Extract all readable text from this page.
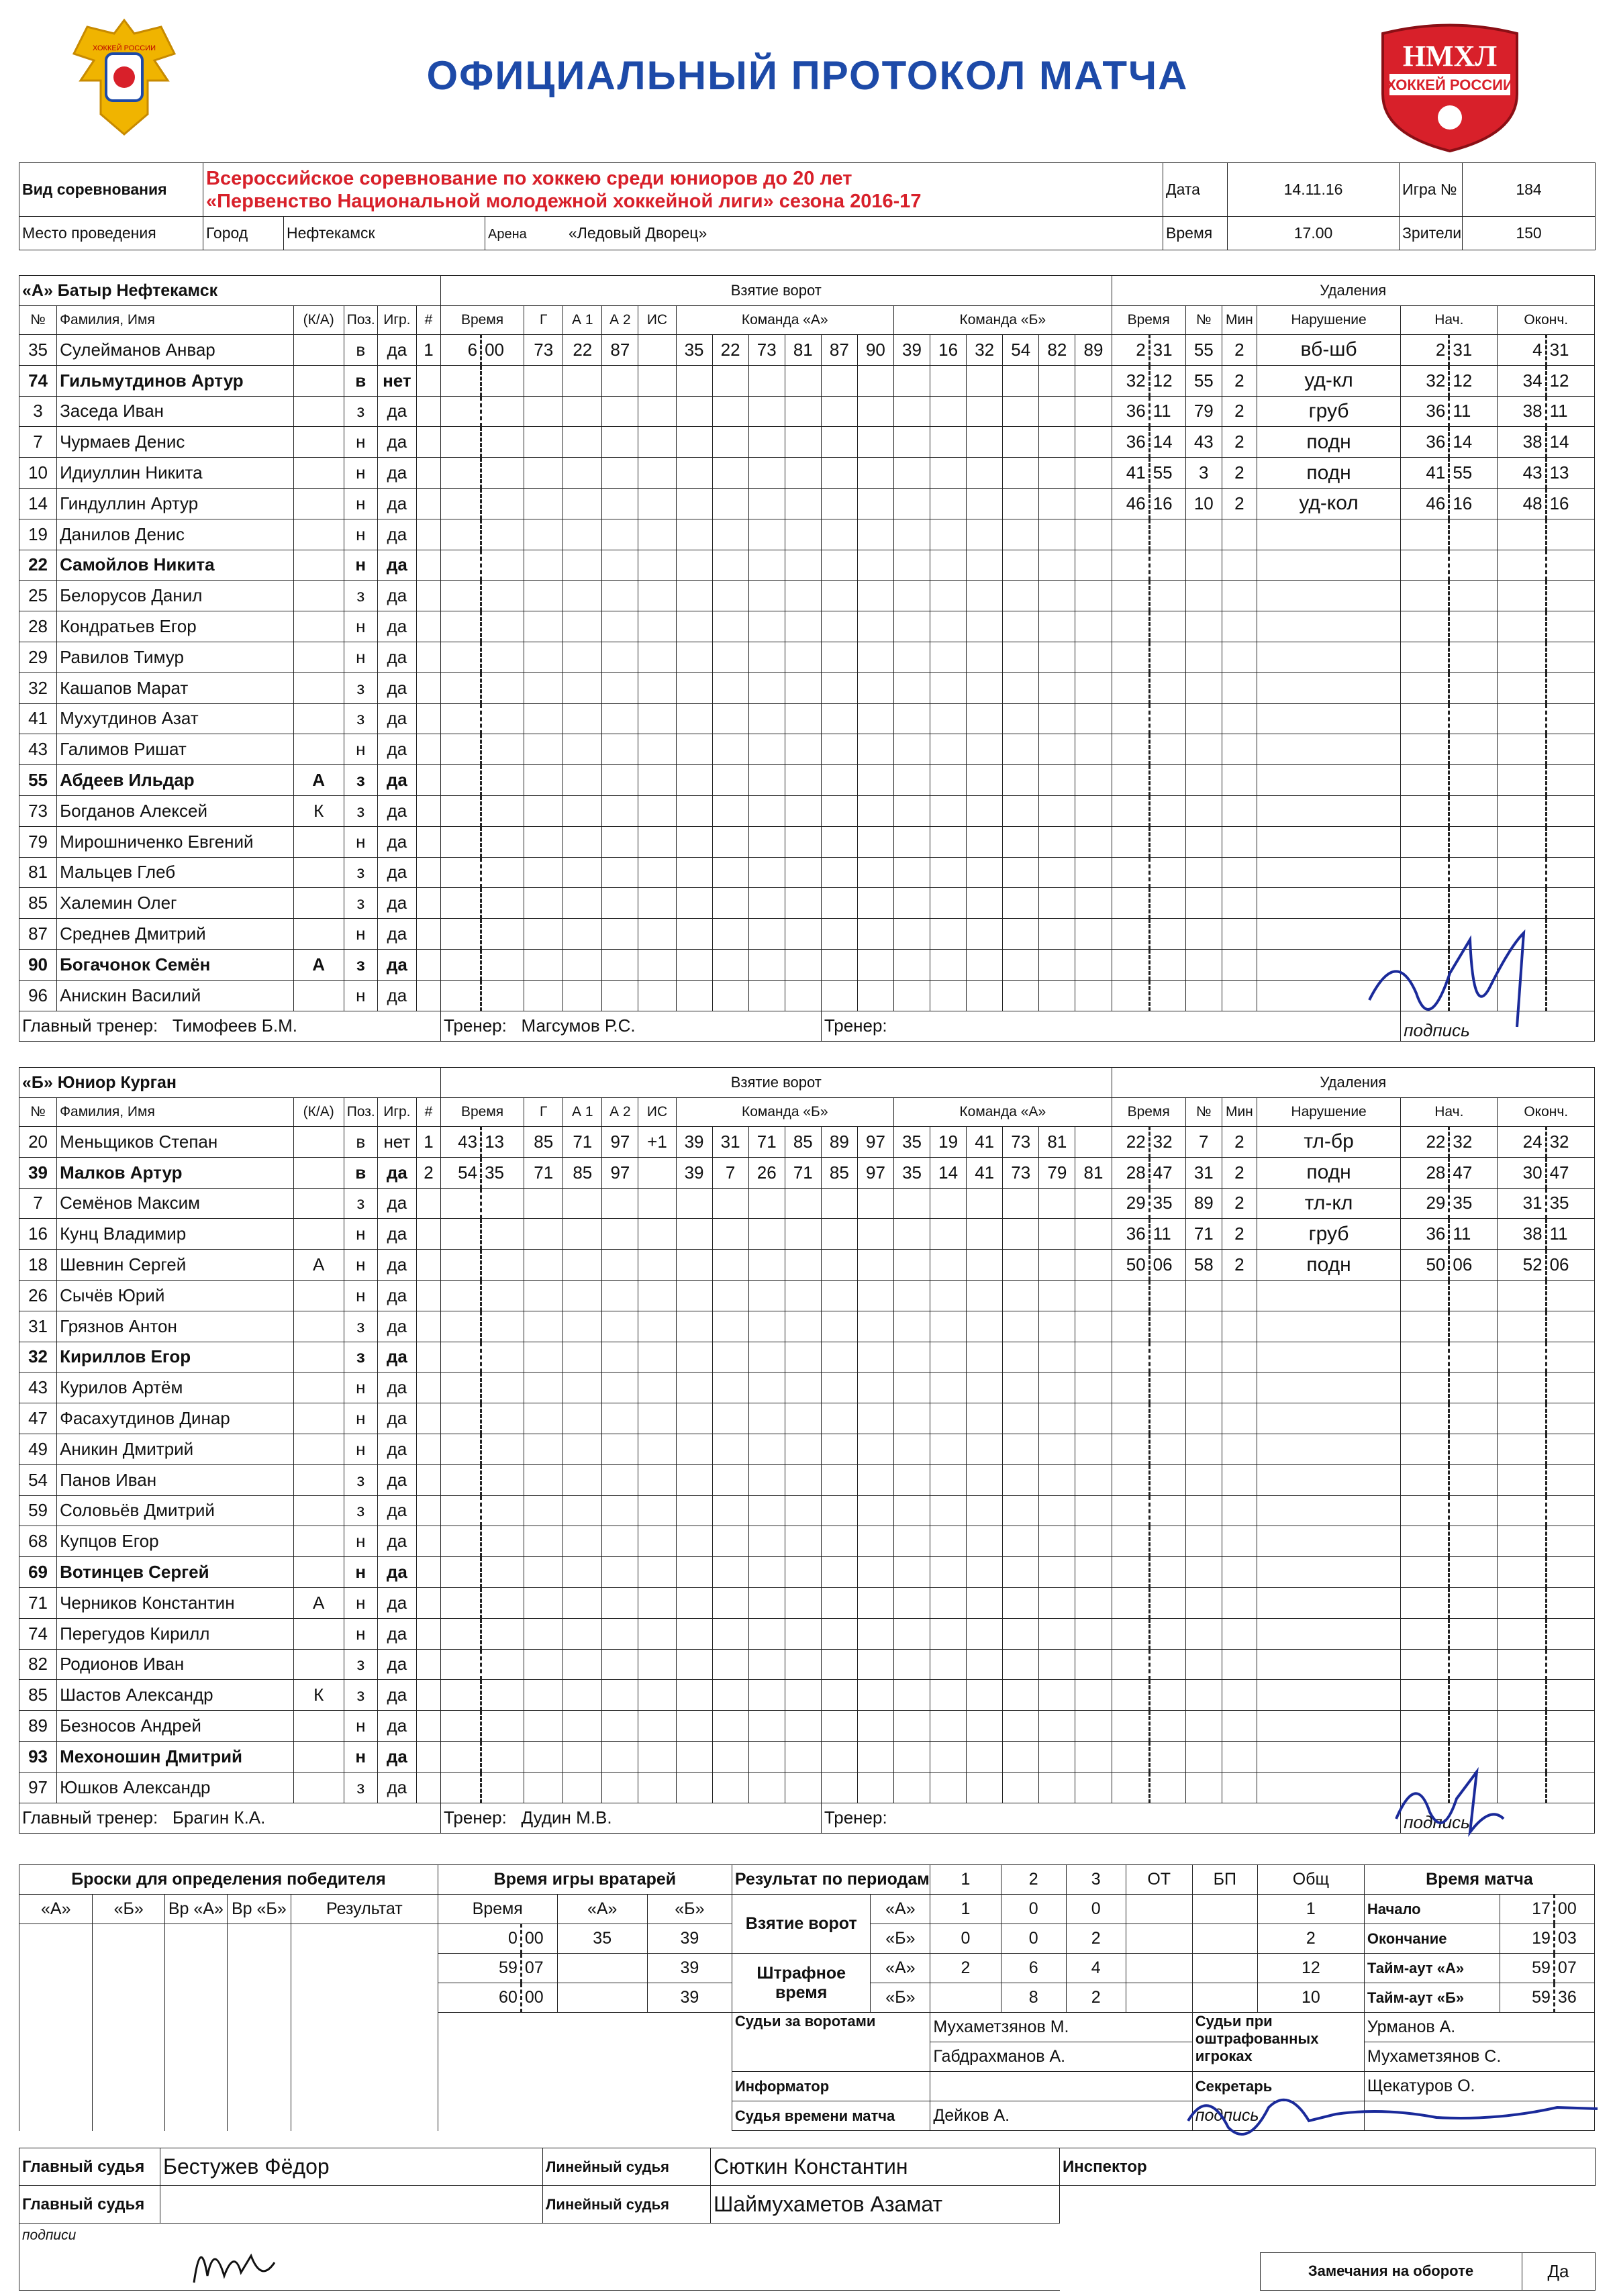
ХОККЕЙ РОССИИ
ОФИЦИАЛЬНЫЙ ПРОТОКОЛ МАТЧА	НМХЛ
ХОККЕЙ РОССИИ
Вид соревнования	Всероссийское соревнование по хоккею среди юниоров до 20 лет
«Первенство Национальной молодежной хоккейной лиги» сезона 2016-17			Дата	14.11.16	Игра №	184
Место проведения	Город	Нефтекамск	Арена «Ледовый Дворец»	Время	17.00	Зрители	150
«А» Батыр Нефтекамск						Взятие ворот																		Удаления								
№	Фамилия, Имя	(К/А)	Поз.	Игр.	#	Время		Г	А 1	А 2	ИС	Команда «А»						Команда «Б»						Время		№	Мин	Нарушение	Нач.		Оконч.	
35	Сулейманов Анвар		в	да	1	6	00	73	22	87		35	22	73	81	87	90	39	16	32	54	82	89	2	31	55	2	вб-шб	2	31	4	31
74	Гильмутдинов Артур		в	нет																				32	12	55	2	уд-кл	32	12	34	12
3	Заседа Иван		з	да																				36	11	79	2	груб	36	11	38	11
7	Чурмаев Денис		н	да																				36	14	43	2	подн	36	14	38	14
10	Идиуллин Никита		н	да																				41	55	3	2	подн	41	55	43	13
14	Гиндуллин Артур		н	да																				46	16	10	2	уд-кол	46	16	48	16
19	Данилов Денис		н	да																												
22	Самойлов Никита		н	да																												
25	Белорусов Данил		з	да																												
28	Кондратьев Егор		н	да																												
29	Равилов Тимур		н	да																												
32	Кашапов Марат		з	да																												
41	Мухутдинов Азат		з	да																												
43	Галимов Ришат		н	да																												
55	Абдеев Ильдар	А	з	да																												
73	Богданов Алексей	К	з	да																												
79	Мирошниченко Евгений		н	да																												
81	Мальцев Глеб		з	да																												
85	Халемин Олег		з	да																												
87	Среднев Дмитрий		н	да																												
90	Богачонок Семён	А	з	да																												
96	Анискин Василий		н	да																												
Главный тренер: Тимофеев Б.М.						Тренер: Магсумов Р.С.										Тренер:													подпись			
«Б» Юниор Курган						Взятие ворот																		Удаления								
№	Фамилия, Имя	(К/А)	Поз.	Игр.	#	Время		Г	А 1	А 2	ИС	Команда «Б»						Команда «А»						Время		№	Мин	Нарушение	Нач.		Оконч.	
20	Меньщиков Степан		в	нет	1	43	13	85	71	97	+1	39	31	71	85	89	97	35	19	41	73	81		22	32	7	2	тл-бр	22	32	24	32
39	Малков Артур		в	да	2	54	35	71	85	97		39	7	26	71	85	97	35	14	41	73	79	81	28	47	31	2	подн	28	47	30	47
7	Семёнов Максим		з	да																				29	35	89	2	тл-кл	29	35	31	35
16	Кунц Владимир		н	да																				36	11	71	2	груб	36	11	38	11
18	Шевнин Сергей	А	н	да																				50	06	58	2	подн	50	06	52	06
26	Сычёв Юрий		н	да																												
31	Грязнов Антон		з	да																												
32	Кириллов Егор		з	да																												
43	Курилов Артём		н	да																												
47	Фасахутдинов Динар		н	да																												
49	Аникин Дмитрий		н	да																												
54	Панов Иван		з	да																												
59	Соловьёв Дмитрий		з	да																												
68	Купцов Егор		н	да																												
69	Вотинцев Сергей		н	да																												
71	Черников Константин	А	н	да																												
74	Перегудов Кирилл		н	да																												
82	Родионов Иван		з	да																												
85	Шастов Александр	К	з	да																												
89	Безносов Андрей		н	да																												
93	Мехоношин Дмитрий		н	да																												
97	Юшков Александр		з	да																												
Главный тренер: Брагин К.А.						Тренер: Дудин М.В.										Тренер:													подпись			
Броски для определения победителя					Время игры вратарей				Результат по периодам		1	2	3	ОТ	БП	Общ	Время матча		
«А»	«Б»	Вр «А»	Вр «Б»	Результат	Время		«А»	«Б»	Взятие ворот	«А»	1	0	0			1	Начало	17	00
					0	00	35	39		«Б»	0	0	2			2	Окончание	19	03
					59	07		39	Штрафное время	«А»	2	6	4			12	Тайм-аут «А»	59	07
					60	00		39		«Б»		8	2			10	Тайм-аут «Б»	59	36
									Судьи за воротами		Мухаметзянов М.				Судьи при оштрафованных игроках		Урманов А.		
											Габдрахманов А.						Мухаметзянов С.		
									Информатор						Секретарь		Щекатуров О.		
									Судья времени матча		Дейков А.				подпись				
Главный судья	Бестужев Фёдор	Линейный судья	Сюткин Константин	Инспектор	
Главный судья		Линейный судья	Шаймухаметов Азамат	
подписи

Замечания на обороте	Да
